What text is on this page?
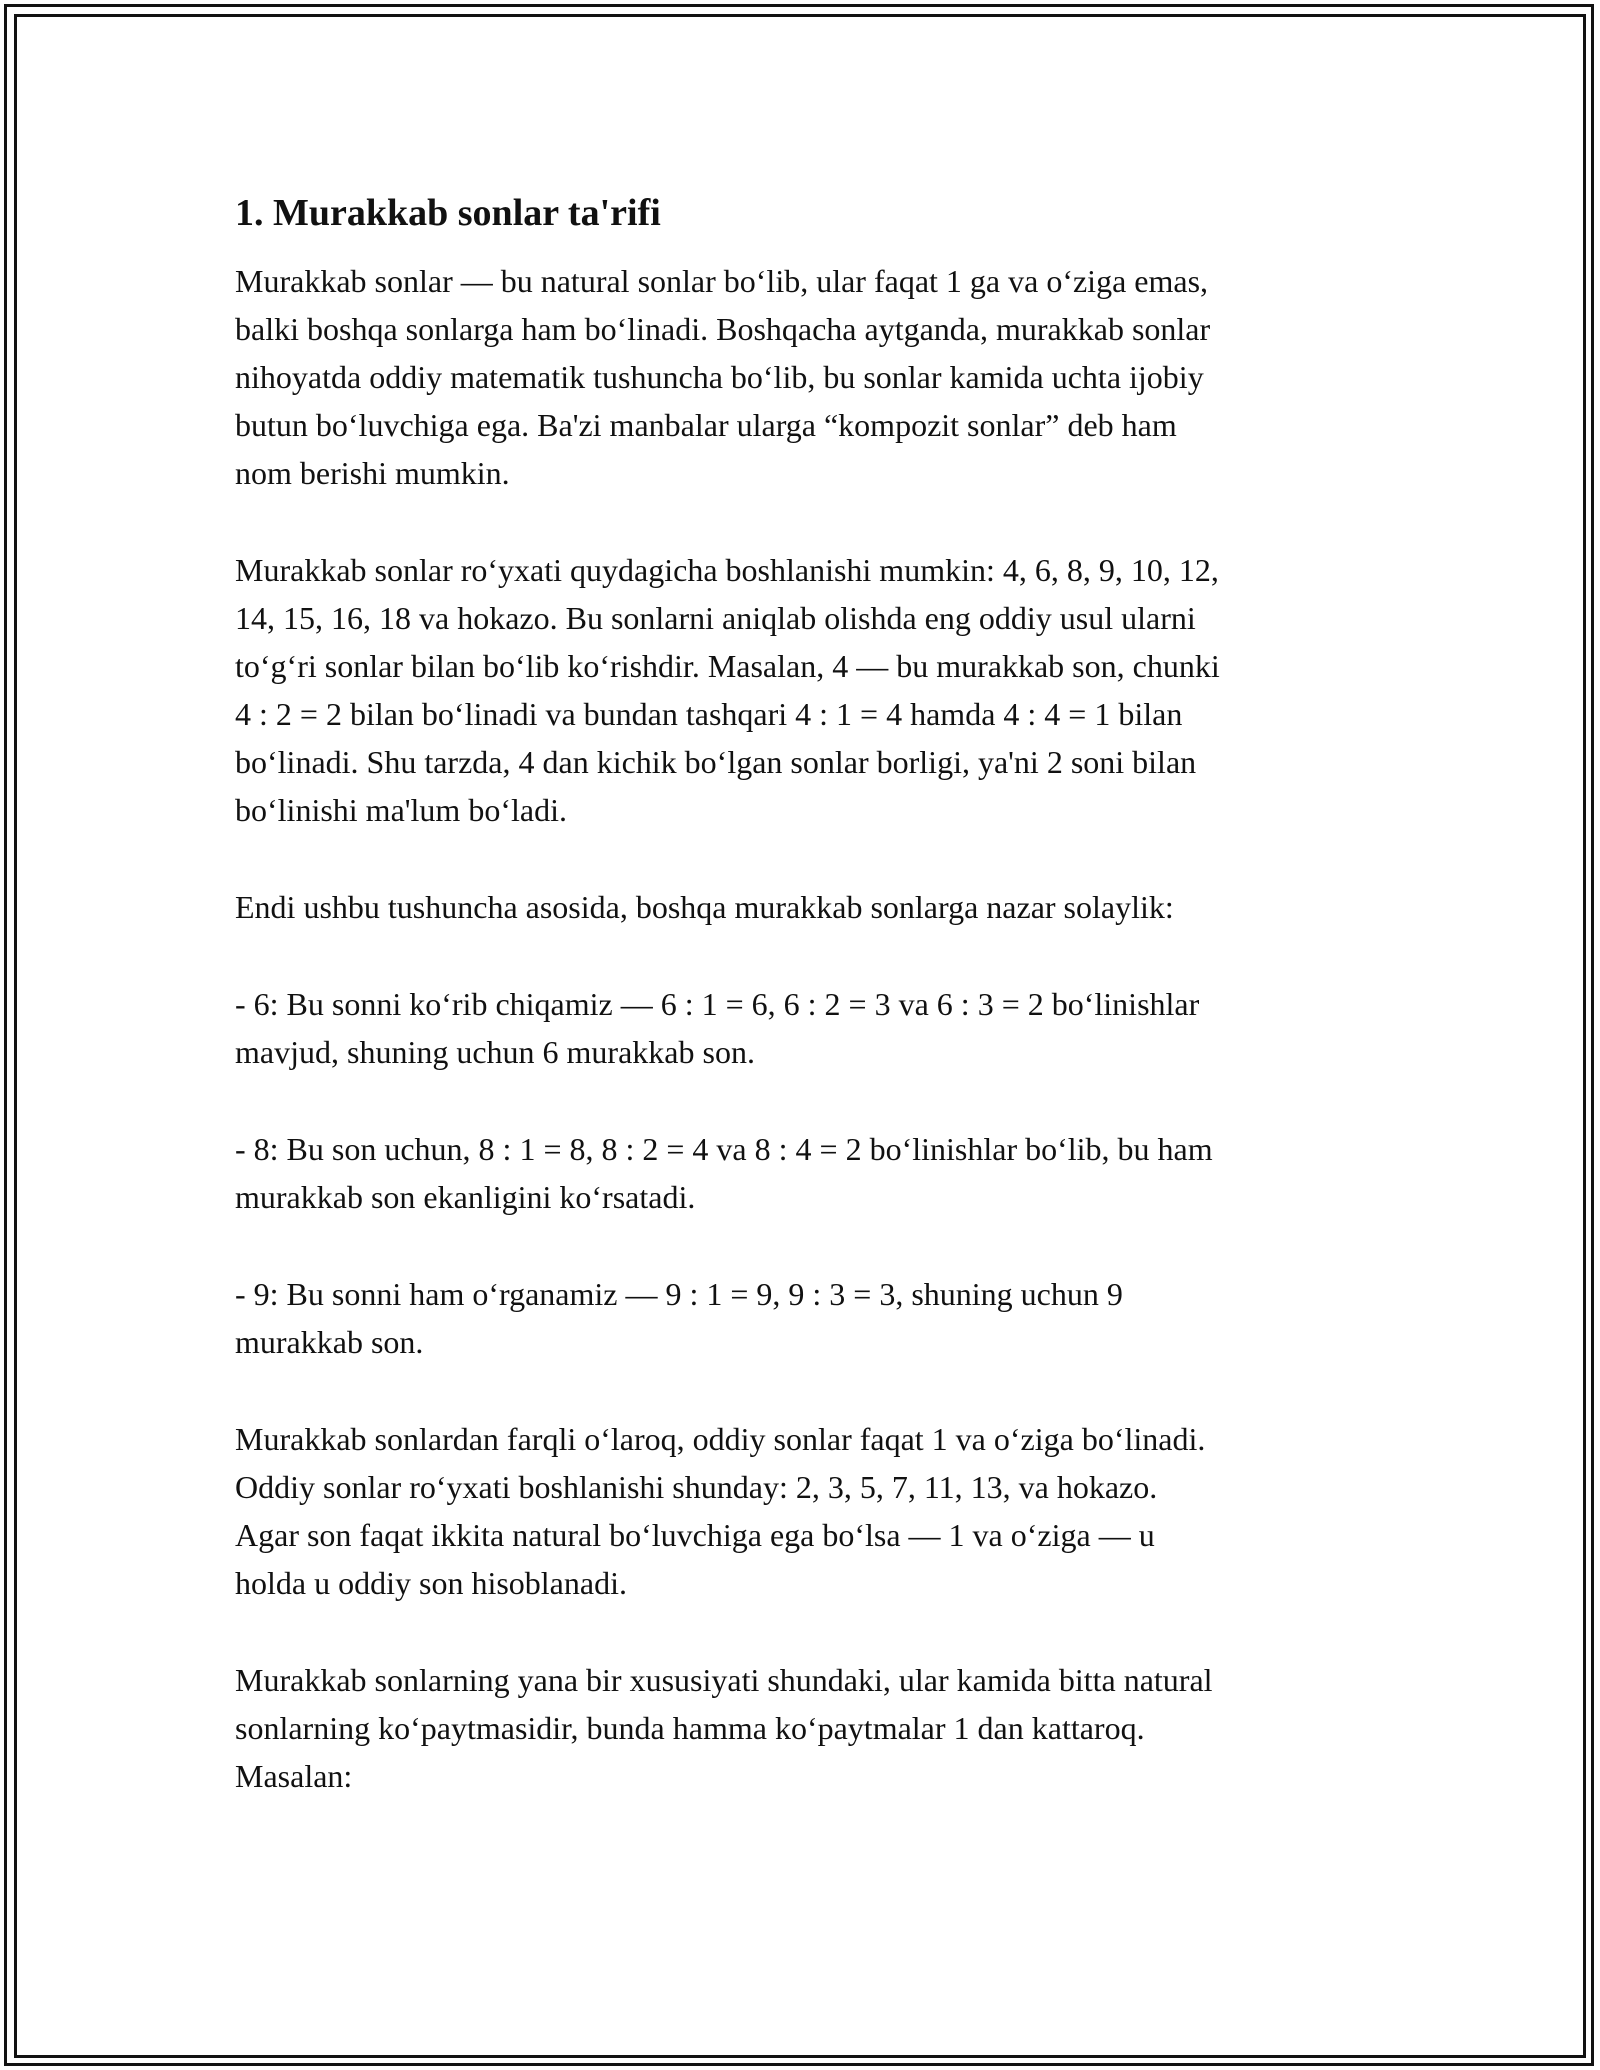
1. Murakkab sonlar ta'rifi

Murakkab sonlar — bu natural sonlar bo‘lib, ular faqat 1 ga va o‘ziga emas,
balki boshqa sonlarga ham bo‘linadi. Boshqacha aytganda, murakkab sonlar
nihoyatda oddiy matematik tushuncha bo‘lib, bu sonlar kamida uchta ijobiy
butun bo‘luvchiga ega. Ba'zi manbalar ularga “kompozit sonlar” deb ham
nom berishi mumkin.

Murakkab sonlar ro‘yxati quydagicha boshlanishi mumkin: 4, 6, 8, 9, 10, 12,
14, 15, 16, 18 va hokazo. Bu sonlarni aniqlab olishda eng oddiy usul ularni
to‘g‘ri sonlar bilan bo‘lib ko‘rishdir. Masalan, 4 — bu murakkab son, chunki
4 : 2 = 2 bilan bo‘linadi va bundan tashqari 4 : 1 = 4 hamda 4 : 4 = 1 bilan
bo‘linadi. Shu tarzda, 4 dan kichik bo‘lgan sonlar borligi, ya'ni 2 soni bilan
bo‘linishi ma'lum bo‘ladi.

Endi ushbu tushuncha asosida, boshqa murakkab sonlarga nazar solaylik:

- 6: Bu sonni ko‘rib chiqamiz — 6 : 1 = 6, 6 : 2 = 3 va 6 : 3 = 2 bo‘linishlar
mavjud, shuning uchun 6 murakkab son.

- 8: Bu son uchun, 8 : 1 = 8, 8 : 2 = 4 va 8 : 4 = 2 bo‘linishlar bo‘lib, bu ham
murakkab son ekanligini ko‘rsatadi.

- 9: Bu sonni ham o‘rganamiz — 9 : 1 = 9, 9 : 3 = 3, shuning uchun 9
murakkab son.

Murakkab sonlardan farqli o‘laroq, oddiy sonlar faqat 1 va o‘ziga bo‘linadi.
Oddiy sonlar ro‘yxati boshlanishi shunday: 2, 3, 5, 7, 11, 13, va hokazo.
Agar son faqat ikkita natural bo‘luvchiga ega bo‘lsa — 1 va o‘ziga — u
holda u oddiy son hisoblanadi.

Murakkab sonlarning yana bir xususiyati shundaki, ular kamida bitta natural
sonlarning ko‘paytmasidir, bunda hamma ko‘paytmalar 1 dan kattaroq.
Masalan:
